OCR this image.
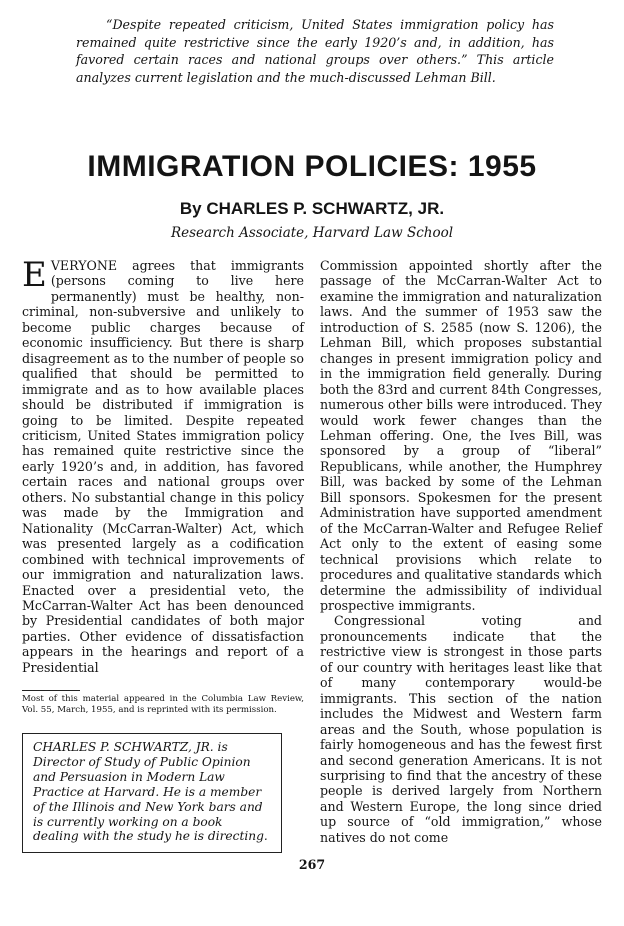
“Despite repeated criticism, United States immigration policy has remained quite restrictive since the early 1920’s and, in addition, has favored certain races and national groups over others.” This article analyzes current legislation and the much-discussed Lehman Bill.

IMMIGRATION POLICIES: 1955

By CHARLES P. SCHWARTZ, JR.

Research Associate, Harvard Law School

EVERYONE agrees that immigrants (persons coming to live here permanently) must be healthy, non-criminal, non-subversive and unlikely to become public charges because of economic insufficiency. But there is sharp disagreement as to the number of people so qualified that should be permitted to immigrate and as to how available places should be distributed if immigration is going to be limited. Despite repeated criticism, United States immigration policy has remained quite restrictive since the early 1920’s and, in addition, has favored certain races and national groups over others. No substantial change in this policy was made by the Immigration and Nationality (McCarran-Walter) Act, which was presented largely as a codification combined with technical improvements of our immigration and naturalization laws. Enacted over a presidential veto, the McCarran-Walter Act has been denounced by Presidential candidates of both major parties. Other evidence of dissatisfaction appears in the hearings and report of a Presidential

Most of this material appeared in the Columbia Law Review, Vol. 55, March, 1955, and is reprinted with its permission.

CHARLES P. SCHWARTZ, JR. is Director of Study of Public Opinion and Persuasion in Modern Law Practice at Harvard. He is a member of the Illinois and New York bars and is currently working on a book dealing with the study he is directing.

Commission appointed shortly after the passage of the McCarran-Walter Act to examine the immigration and naturalization laws. And the summer of 1953 saw the introduction of S. 2585 (now S. 1206), the Lehman Bill, which proposes substantial changes in present immigration policy and in the immigration field generally. During both the 83rd and current 84th Congresses, numerous other bills were introduced. They would work fewer changes than the Lehman offering. One, the Ives Bill, was sponsored by a group of “liberal” Republicans, while another, the Humphrey Bill, was backed by some of the Lehman Bill sponsors. Spokesmen for the present Administration have supported amendment of the McCarran-Walter and Refugee Relief Act only to the extent of easing some technical provisions which relate to procedures and qualitative standards which determine the admissibility of individual prospective immigrants.

Congressional voting and pronouncements indicate that the restrictive view is strongest in those parts of our country with heritages least like that of many contemporary would-be immigrants. This section of the nation includes the Midwest and Western farm areas and the South, whose population is fairly homogeneous and has the fewest first and second generation Americans. It is not surprising to find that the ancestry of these people is derived largely from Northern and Western Europe, the long since dried up source of “old immigration,” whose natives do not come

267
